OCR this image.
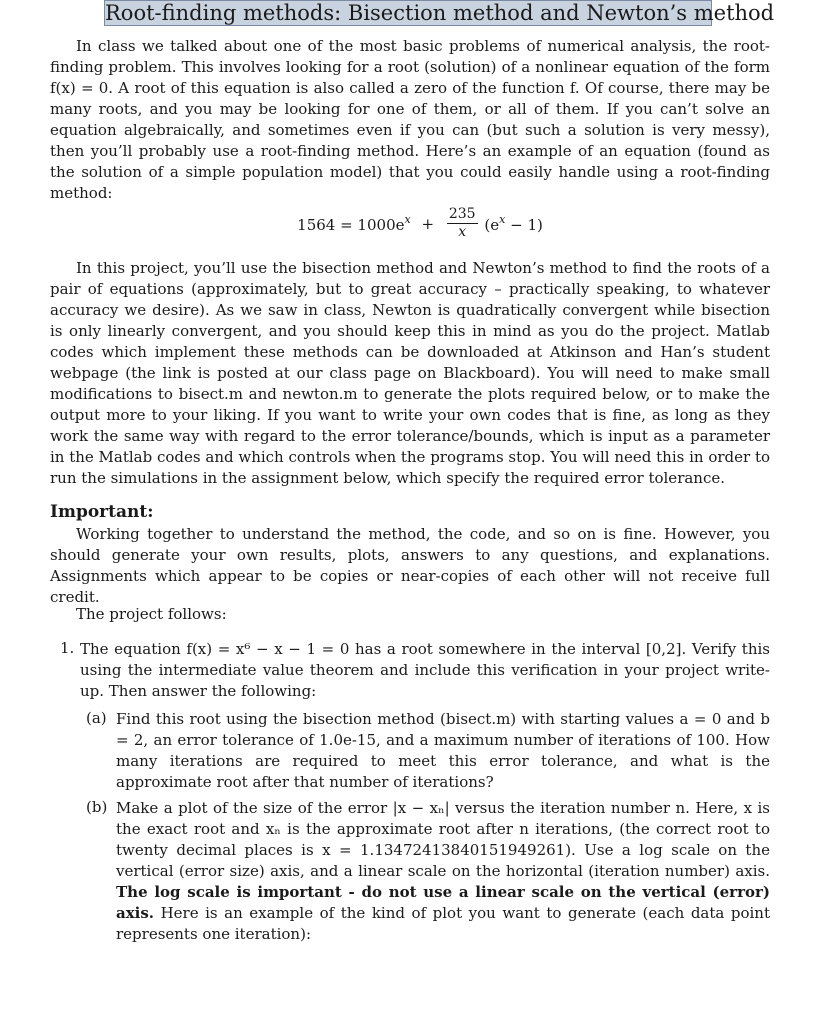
Root-finding methods: Bisection method and Newton’s method

In class we talked about one of the most basic problems of numerical analysis, the root-finding problem. This involves looking for a root (solution) of a nonlinear equation of the form f(x) = 0. A root of this equation is also called a zero of the function f. Of course, there may be many roots, and you may be looking for one of them, or all of them. If you can’t solve an equation algebraically, and sometimes even if you can (but such a solution is very messy), then you’ll probably use a root-finding method. Here’s an example of an equation (found as the solution of a simple population model) that you could easily handle using a root-finding method:

$1564 = 1000e^x + \frac{235}{x} (e^x - 1)$

In this project, you’ll use the bisection method and Newton’s method to find the roots of a pair of equations (approximately, but to great accuracy – practically speaking, to whatever accuracy we desire). As we saw in class, Newton is quadratically convergent while bisection is only linearly convergent, and you should keep this in mind as you do the project. Matlab codes which implement these methods can be downloaded at Atkinson and Han’s student webpage (the link is posted at our class page on Blackboard). You will need to make small modifications to bisect.m and newton.m to generate the plots required below, or to make the output more to your liking. If you want to write your own codes that is fine, as long as they work the same way with regard to the error tolerance/bounds, which is input as a parameter in the Matlab codes and which controls when the programs stop. You will need this in order to run the simulations in the assignment below, which specify the required error tolerance.

Important:

Working together to understand the method, the code, and so on is fine. However, you should generate your own results, plots, answers to any questions, and explanations. Assignments which appear to be copies or near-copies of each other will not receive full credit.

The project follows:

1. The equation f(x) = x⁶ − x − 1 = 0 has a root somewhere in the interval [0,2]. Verify this using the intermediate value theorem and include this verification in your project write-up. Then answer the following:

(a) Find this root using the bisection method (bisect.m) with starting values a = 0 and b = 2, an error tolerance of 1.0e-15, and a maximum number of iterations of 100. How many iterations are required to meet this error tolerance, and what is the approximate root after that number of iterations?

(b) Make a plot of the size of the error |x − xₙ| versus the iteration number n. Here, x is the exact root and xₙ is the approximate root after n iterations, (the correct root to twenty decimal places is x = 1.13472413840151949261). Use a log scale on the vertical (error size) axis, and a linear scale on the horizontal (iteration number) axis. The log scale is important - do not use a linear scale on the vertical (error) axis. Here is an example of the kind of plot you want to generate (each data point represents one iteration):
